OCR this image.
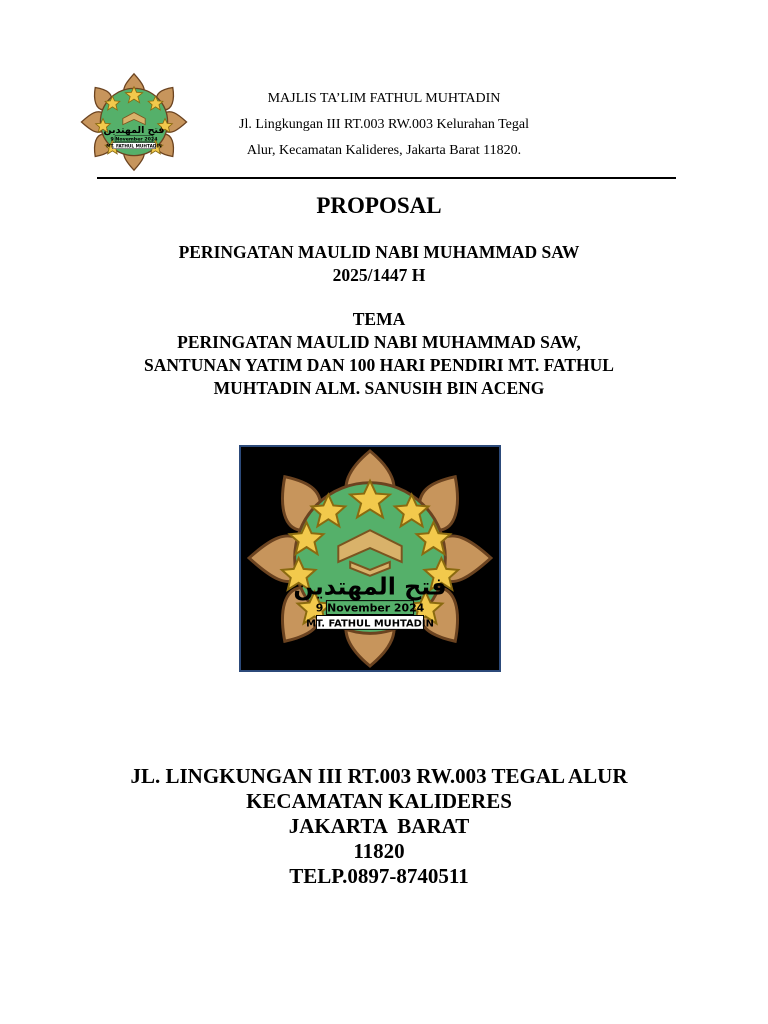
فتح المهتدين
9 November 2024
MT. FATHUL MUHTADIN
MAJLIS TA’LIM FATHUL MUHTADIN
Jl. Lingkungan III RT.003 RW.003 Kelurahan Tegal
Alur, Kecamatan Kalideres, Jakarta Barat 11820.
PROPOSAL
PERINGATAN MAULID NABI MUHAMMAD SAW
2025/1447 H
TEMA
PERINGATAN MAULID NABI MUHAMMAD SAW,
SANTUNAN YATIM DAN 100 HARI PENDIRI MT. FATHUL
MUHTADIN ALM. SANUSIH BIN ACENG
فتح المهتدين
9 November 2024
MT. FATHUL MUHTADIN
JL. LINGKUNGAN III RT.003 RW.003 TEGAL ALUR
KECAMATAN KALIDERES
JAKARTA  BARAT
11820
TELP.0897-8740511
